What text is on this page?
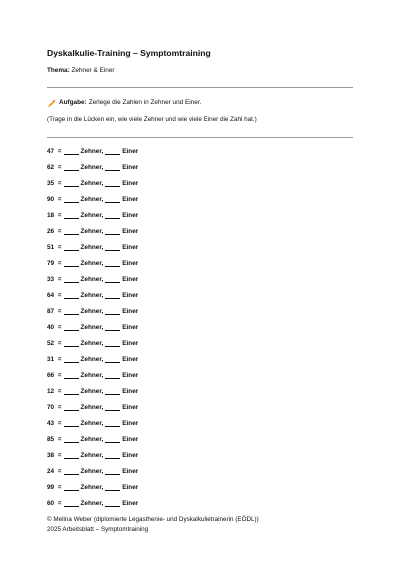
Dyskalkulie-Training – Symptomtraining
Thema: Zehner & Einer
Aufgabe: Zerlege die Zahlen in Zehner und Einer.
(Trage in die Lücken ein, wie viele Zehner und wie viele Einer die Zahl hat.)
47 =	Zehner,	Einer
62 =	Zehner,	Einer
35 =	Zehner,	Einer
90 =	Zehner,	Einer
18 =	Zehner,	Einer
26 =	Zehner,	Einer
51 =	Zehner,	Einer
79 =	Zehner,	Einer
33 =	Zehner,	Einer
64 =	Zehner,	Einer
87 =	Zehner,	Einer
40 =	Zehner,	Einer
52 =	Zehner,	Einer
31 =	Zehner,	Einer
66 =	Zehner,	Einer
12 =	Zehner,	Einer
70 =	Zehner,	Einer
43 =	Zehner,	Einer
85 =	Zehner,	Einer
38 =	Zehner,	Einer
24 =	Zehner,	Einer
99 =	Zehner,	Einer
60 =	Zehner,	Einer
© Melina Weber (diplomierte Legasthenie- und Dyskalkulietrainerin (EÖDL))
2025 Arbeitsblatt – Symptomtraining
